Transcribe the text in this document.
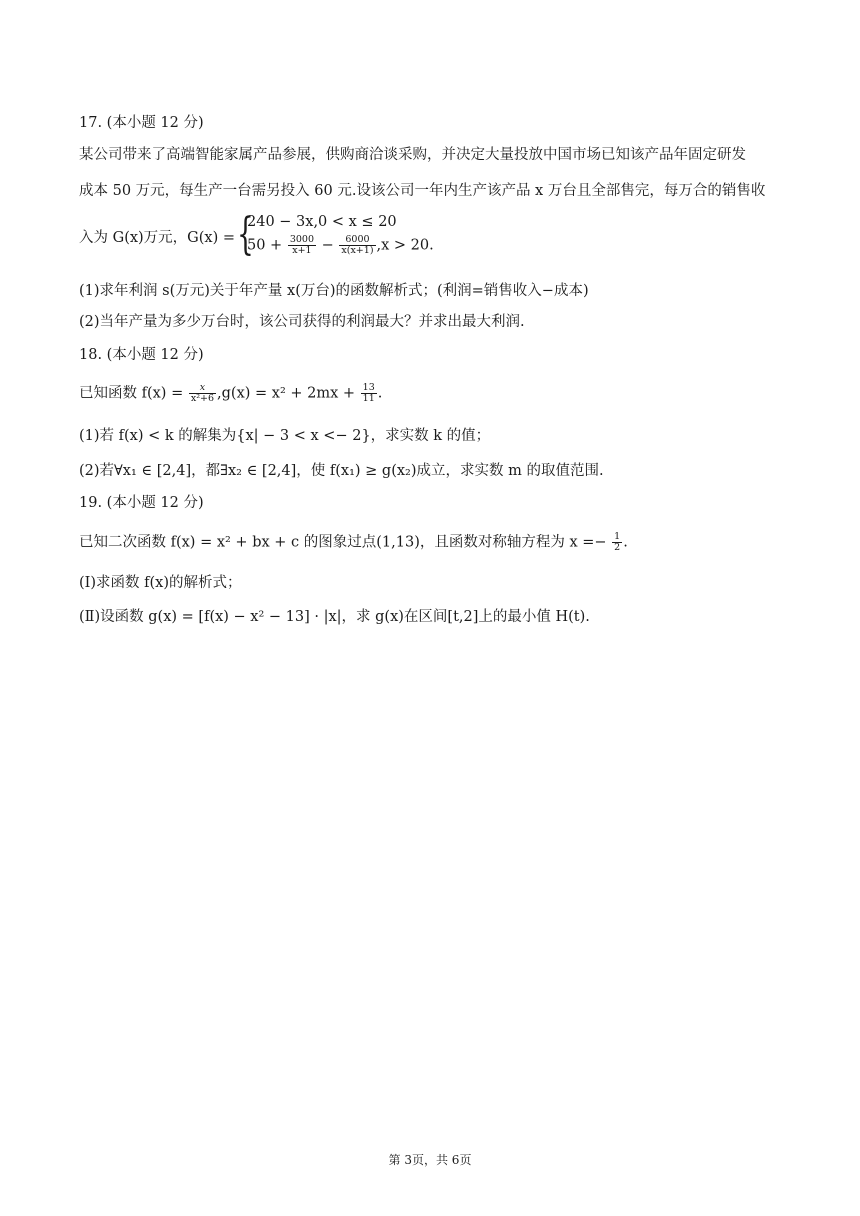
17. (本小题 12 分)
某公司带来了高端智能家属产品参展，供购商洽谈采购，并决定大量投放中国市场已知该产品年固定研发
成本 50 万元，每生产一台需另投入 60 元.设该公司一年内生产该产品 x 万台且全部售完，每万合的销售收
入为 G(x)万元，G(x) = {
240 − 3x,0 < x ≤ 20
$50 + \frac{3000}{x+1} - \frac{6000}{x(x+1)} ,x > 20$.
(1)求年利润 s(万元)关于年产量 x(万台)的函数解析式；(利润=销售收入−成本)
(2)当年产量为多少万台时，该公司获得的利润最大？并求出最大利润.
18. (本小题 12 分)
已知函数 $f(x) = \frac{x}{\text{x²+6}} ,g(x) = x^2 + 2mx + \frac{13}{11}$ .
(1)若 f(x) < k 的解集为{x| − 3 < x <− 2}，求实数 k 的值；
(2)若∀x₁ ∈ [2,4]，都∃x₂ ∈ [2,4]，使 f(x₁) ≥ g(x₂)成立，求实数 m 的取值范围.
19. (本小题 12 分)
已知二次函数 f(x) = x² + bx + c 的图象过点(1,13)，且函数对称轴方程为 $x =- \frac{1}{2}$ .
(Ⅰ)求函数 f(x)的解析式；
(Ⅱ)设函数 g(x) = [f(x) − x² − 13] · |x|，求 g(x)在区间[t,2]上的最小值 H(t).
第 3页，共 6页
